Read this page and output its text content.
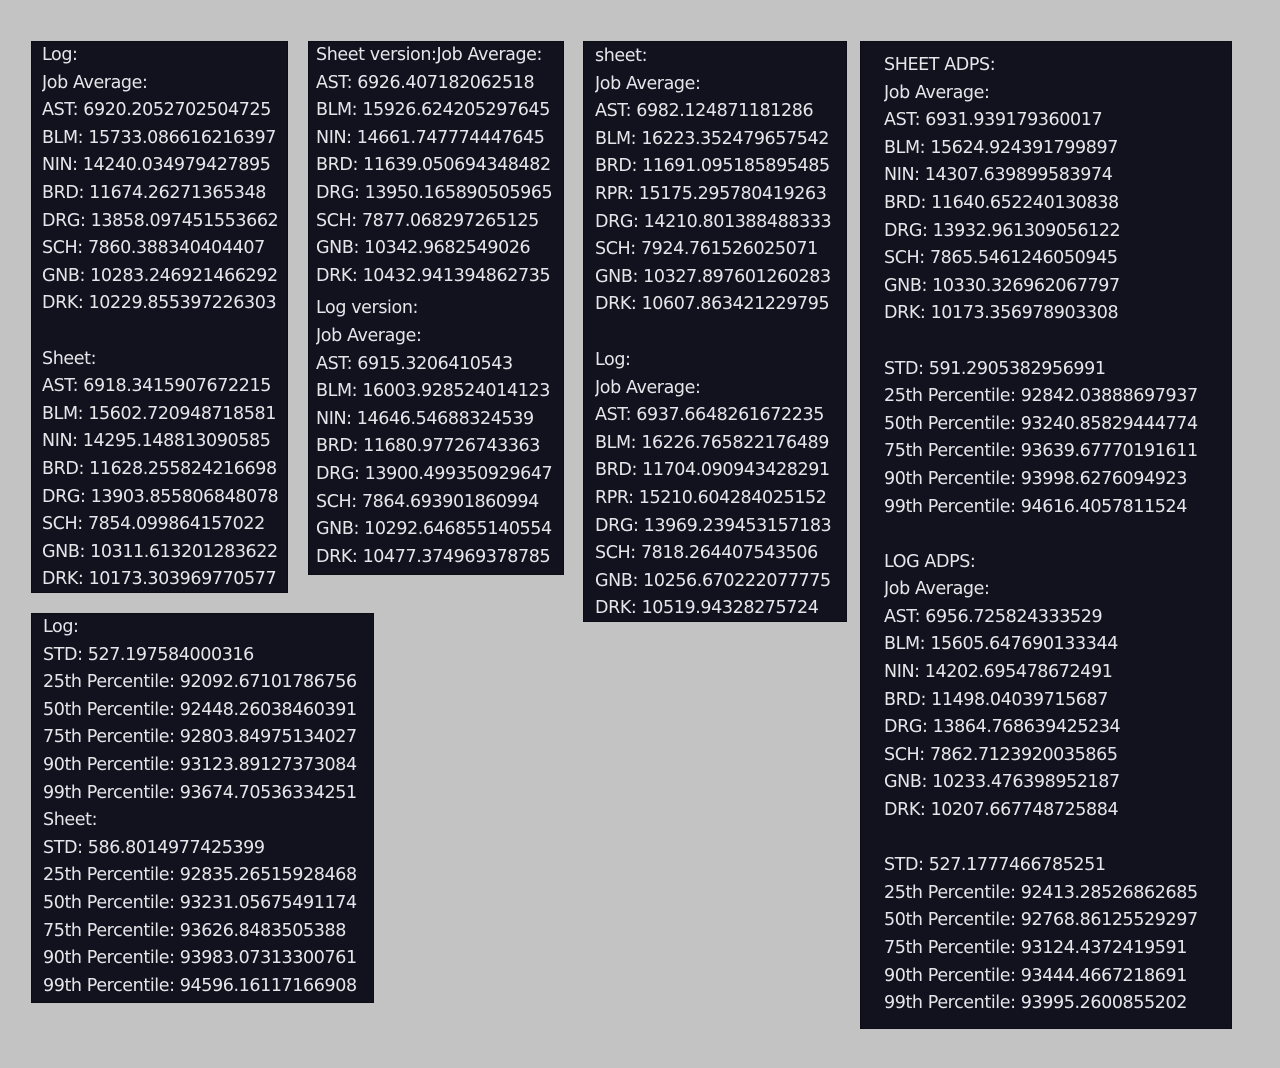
Log:
Job Average:
AST: 6920.2052702504725
BLM: 15733.086616216397
NIN: 14240.034979427895
BRD: 11674.26271365348
DRG: 13858.097451553662
SCH: 7860.388340404407
GNB: 10283.246921466292
DRK: 10229.855397226303
Sheet:
AST: 6918.3415907672215
BLM: 15602.720948718581
NIN: 14295.148813090585
BRD: 11628.255824216698
DRG: 13903.855806848078
SCH: 7854.099864157022
GNB: 10311.613201283622
DRK: 10173.303969770577
Sheet version:Job Average:
AST: 6926.407182062518
BLM: 15926.624205297645
NIN: 14661.747774447645
BRD: 11639.050694348482
DRG: 13950.165890505965
SCH: 7877.068297265125
GNB: 10342.9682549026
DRK: 10432.941394862735
Log version:
Job Average:
AST: 6915.3206410543
BLM: 16003.928524014123
NIN: 14646.54688324539
BRD: 11680.97726743363
DRG: 13900.499350929647
SCH: 7864.693901860994
GNB: 10292.646855140554
DRK: 10477.374969378785
sheet:
Job Average:
AST: 6982.124871181286
BLM: 16223.352479657542
BRD: 11691.095185895485
RPR: 15175.295780419263
DRG: 14210.801388488333
SCH: 7924.761526025071
GNB: 10327.897601260283
DRK: 10607.863421229795
Log:
Job Average:
AST: 6937.6648261672235
BLM: 16226.765822176489
BRD: 11704.090943428291
RPR: 15210.604284025152
DRG: 13969.239453157183
SCH: 7818.264407543506
GNB: 10256.670222077775
DRK: 10519.94328275724
SHEET ADPS:
Job Average:
AST: 6931.939179360017
BLM: 15624.924391799897
NIN: 14307.639899583974
BRD: 11640.652240130838
DRG: 13932.961309056122
SCH: 7865.5461246050945
GNB: 10330.326962067797
DRK: 10173.356978903308
STD: 591.2905382956991
25th Percentile: 92842.03888697937
50th Percentile: 93240.85829444774
75th Percentile: 93639.67770191611
90th Percentile: 93998.6276094923
99th Percentile: 94616.4057811524
LOG ADPS:
Job Average:
AST: 6956.725824333529
BLM: 15605.647690133344
NIN: 14202.695478672491
BRD: 11498.04039715687
DRG: 13864.768639425234
SCH: 7862.7123920035865
GNB: 10233.476398952187
DRK: 10207.667748725884
STD: 527.1777466785251
25th Percentile: 92413.28526862685
50th Percentile: 92768.86125529297
75th Percentile: 93124.4372419591
90th Percentile: 93444.4667218691
99th Percentile: 93995.2600855202
Log:
STD: 527.197584000316
25th Percentile: 92092.67101786756
50th Percentile: 92448.26038460391
75th Percentile: 92803.84975134027
90th Percentile: 93123.89127373084
99th Percentile: 93674.70536334251
Sheet:
STD: 586.8014977425399
25th Percentile: 92835.26515928468
50th Percentile: 93231.05675491174
75th Percentile: 93626.8483505388
90th Percentile: 93983.07313300761
99th Percentile: 94596.16117166908
